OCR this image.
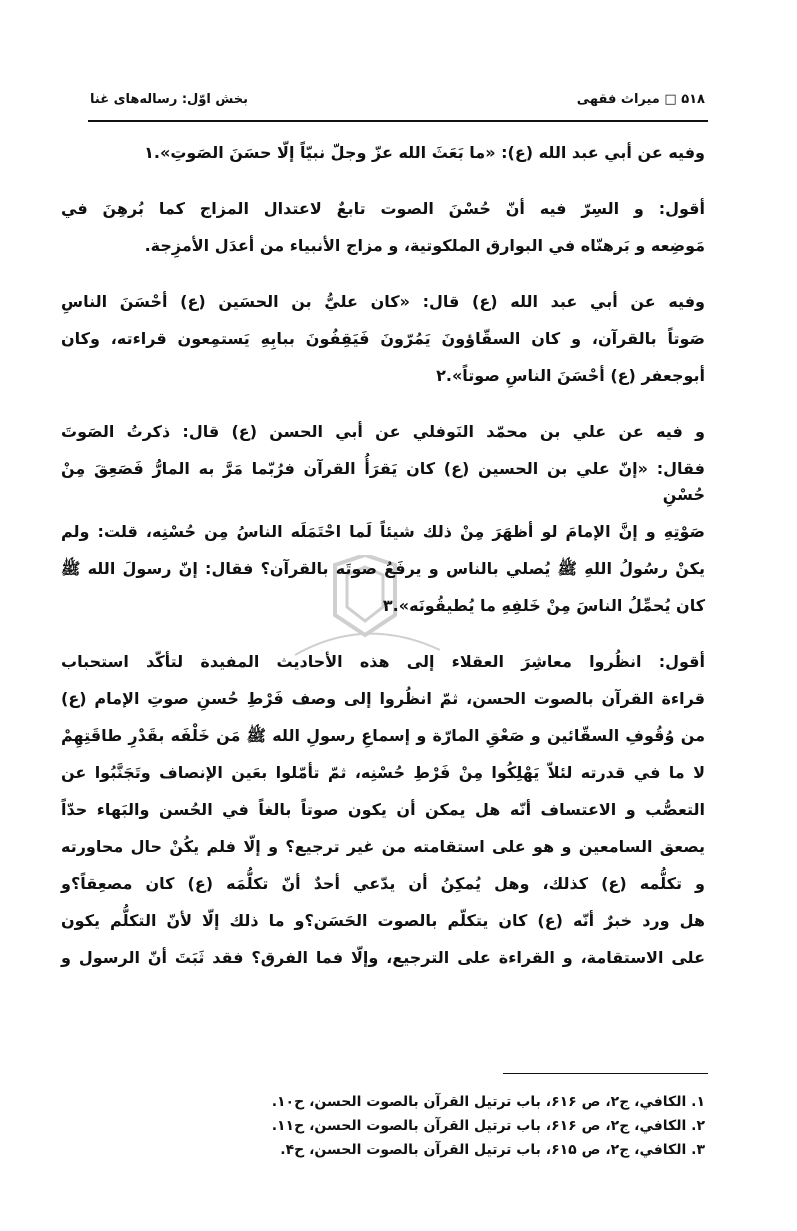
۵۱۸ □ میراث فقهی
بخش اوّل: رساله‌های غنا
وفيه عن أبي عبد الله (ع): «ما بَعَثَ الله عزّ وجلّ نبيّاً إلّا حسَنَ الصَوتِ».١
أقول: و السِرّ فيه أنّ حُسْنَ الصوت تابعٌ لاعتدال المزاج كما بُرهِنَ في
مَوضِعه و بَرهنّاه في البوارق الملكوتية، و مزاج الأنبياء من أعدَل الأمزِجة.
وفيه عن أبي عبد الله (ع) قال: «كان عليُّ بن الحسَين (ع) أحْسَنَ الناسِ
صَوتاً بالقرآن، و كان السقّاؤونَ يَمُرّونَ فَيَقِفُونَ ببابِهِ يَستمِعون قراءته، وكان
أبوجعفر (ع) أحْسَنَ الناسِ صوتاً».٢
و فيه عن علي بن محمّد النَوفلي عن أبي الحسن (ع) قال: ذكرتُ الصَوتَ
فقال: «إنّ علي بن الحسين (ع) كان يَقرَأُ القرآن فرُبّما مَرَّ به المارُّ فَصَعِقَ مِنْ حُسْنِ
صَوْتِهِ و إنَّ الإمامَ لو أظهَرَ مِنْ ذلك شيئاً لَما احْتَمَلَه الناسُ مِن حُسْنِه، قلت: ولم
يكنْ رسُولُ اللهِ ﷺ يُصلي بالناس و يرفَعُ صوتَه بالقرآن؟ فقال: إنّ رسولَ الله ﷺ
كان يُحمِّلُ الناسَ مِنْ خَلفِهِ ما يُطيقُونَه».٣
أقول: انظُروا معاشِرَ العقلاء إلى هذه الأحاديث المفيدة لتأكّد استحباب
قراءة القرآن بالصوت الحسن، ثمّ انظُروا إلى وصف فَرْطِ حُسنِ صوتِ الإمام (ع)
من وُقُوفِ السقّائين و صَعْقِ المارّة و إسماعِ رسولِ الله ﷺ مَن خَلْفَه بقَدْرِ طاقَتِهِمْ
لا ما في قدرته لئلاّ يَهْلِكُوا مِنْ فَرْطِ حُسْنِه، ثمّ تأمّلوا بعَين الإنصاف وتَجَنَّبُوا عن
التعصُّب و الاعتساف أنّه هل يمكن أن يكون صوتاً بالغاً في الحُسن والبَهاء حدّاً
يصعق السامعين و هو على استقامته من غير ترجيع؟ و إلّا فلم يكُنْ حال محاورته
و تكلُّمه (ع) كذلك، وهل يُمكِنُ أن يدّعي أحدٌ أنّ تكلُّمَه (ع) كان مصعِقاً؟و
هل ورد خبرٌ أنّه (ع) كان يتكلّم بالصوت الحَسَن؟و ما ذلك إلّا لأنّ التكلُّم يكون
على الاستقامة، و القراءة على الترجيع، وإلّا فما الفرق؟ فقد ثَبَتَ أنّ الرسول و
١. الكافي، ج٢، ص ۶۱۶، باب ترتيل القرآن بالصوت الحسن، ح١٠.
٢. الكافي، ج٢، ص ۶۱۶، باب ترتيل القرآن بالصوت الحسن، ح١١.
٣. الكافي، ج٢، ص ۶۱۵، باب ترتيل القرآن بالصوت الحسن، ح۴.
